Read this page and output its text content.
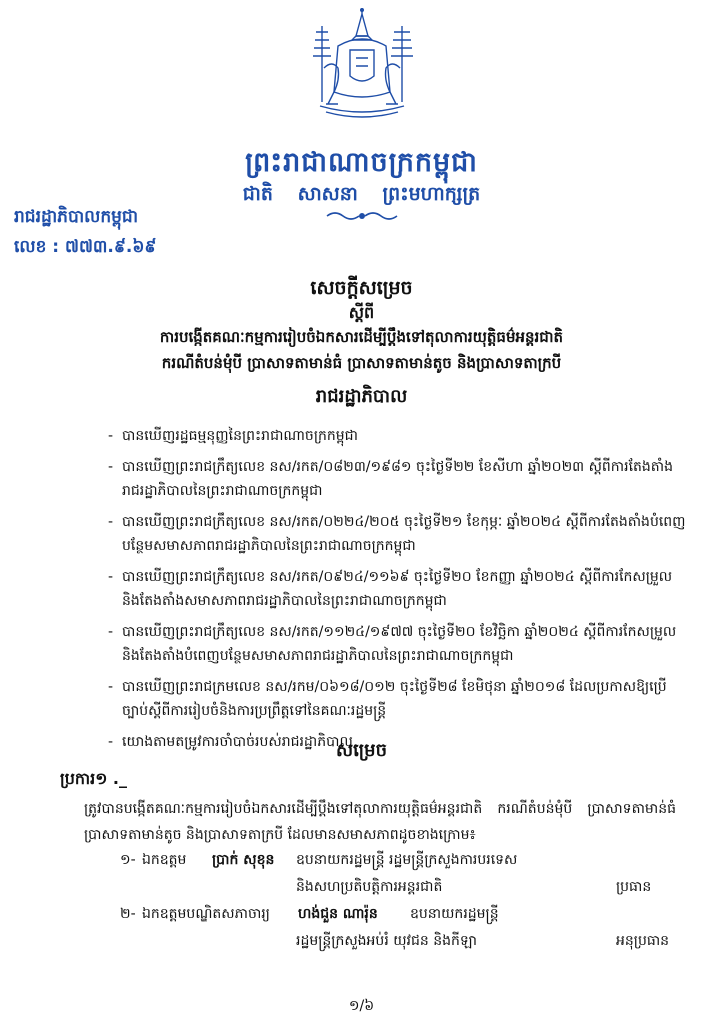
ព្រះរាជាណាចក្រកម្ពុជា
ជាតិ សាសនា ព្រះមហាក្សត្រ
រាជរដ្ឋាភិបាលកម្ពុជា
លេខ : ៧៧៣.៩.៦៩
សេចក្តីសម្រេច
ស្តីពី
ការបង្កើតគណៈកម្មការរៀបចំឯកសារដើម្បីប្តឹងទៅតុលាការយុត្តិធម៌អន្តរជាតិ
ករណីតំបន់មុំបី ប្រាសាទតាមាន់ធំ ប្រាសាទតាមាន់តូច និងប្រាសាទតាក្របី
រាជរដ្ឋាភិបាល
- បានឃើញរដ្ឋធម្មនុញ្ញនៃព្រះរាជាណាចក្រកម្ពុជា
- បានឃើញព្រះរាជក្រឹត្យលេខ នស/រកត/០៨២៣/១៩៨១ ចុះថ្ងៃទី២២ ខែសីហា ឆ្នាំ២០២៣ ស្តីពីការតែងតាំងរាជរដ្ឋាភិបាលនៃព្រះរាជាណាចក្រកម្ពុជា
- បានឃើញព្រះរាជក្រឹត្យលេខ នស/រកត/០២២៤/២០៥ ចុះថ្ងៃទី២១ ខែកុម្ភៈ ឆ្នាំ២០២៤ ស្តីពីការតែងតាំងបំពេញបន្ថែមសមាសភាពរាជរដ្ឋាភិបាលនៃព្រះរាជាណាចក្រកម្ពុជា
- បានឃើញព្រះរាជក្រឹត្យលេខ នស/រកត/០៩២៤/១១៦៩ ចុះថ្ងៃទី២០ ខែកញ្ញា ឆ្នាំ២០២៤ ស្តីពីការកែសម្រួលនិងតែងតាំងសមាសភាពរាជរដ្ឋាភិបាលនៃព្រះរាជាណាចក្រកម្ពុជា
- បានឃើញព្រះរាជក្រឹត្យលេខ នស/រកត/១១២៤/១៩៧៧ ចុះថ្ងៃទី២០ ខែវិច្ឆិកា ឆ្នាំ២០២៤ ស្តីពីការកែសម្រួលនិងតែងតាំងបំពេញបន្ថែមសមាសភាពរាជរដ្ឋាភិបាលនៃព្រះរាជាណាចក្រកម្ពុជា
- បានឃើញព្រះរាជក្រមលេខ នស/រកម/០៦១៨/០១២ ចុះថ្ងៃទី២៨ ខែមិថុនា ឆ្នាំ២០១៨ ដែលប្រកាសឱ្យប្រើច្បាប់ស្តីពីការរៀបចំនិងការប្រព្រឹត្តទៅនៃគណៈរដ្ឋមន្ត្រី
- យោងតាមតម្រូវការចាំបាច់របស់រាជរដ្ឋាភិបាល
សម្រេច
ប្រការ១ ._
ត្រូវបានបង្កើតគណៈកម្មការរៀបចំឯកសារដើម្បីប្តឹងទៅតុលាការយុត្តិធម៌អន្តរជាតិ ករណីតំបន់មុំបី ប្រាសាទតាមាន់ធំ ប្រាសាទតាមាន់តូច និងប្រាសាទតាក្របី ដែលមានសមាសភាពដូចខាងក្រោម៖
១- ឯកឧត្តម ប្រាក់ សុខុន ឧបនាយករដ្ឋមន្ត្រី រដ្ឋមន្ត្រីក្រសួងការបរទេស
និងសហប្រតិបត្តិការអន្តរជាតិ	ប្រធាន
២- ឯកឧត្តមបណ្ឌិតសភាចារ្យ ហង់ជួន ណារ៉ុន ឧបនាយករដ្ឋមន្ត្រី
រដ្ឋមន្ត្រីក្រសួងអប់រំ យុវជន និងកីឡា	អនុប្រធាន
១/៦
